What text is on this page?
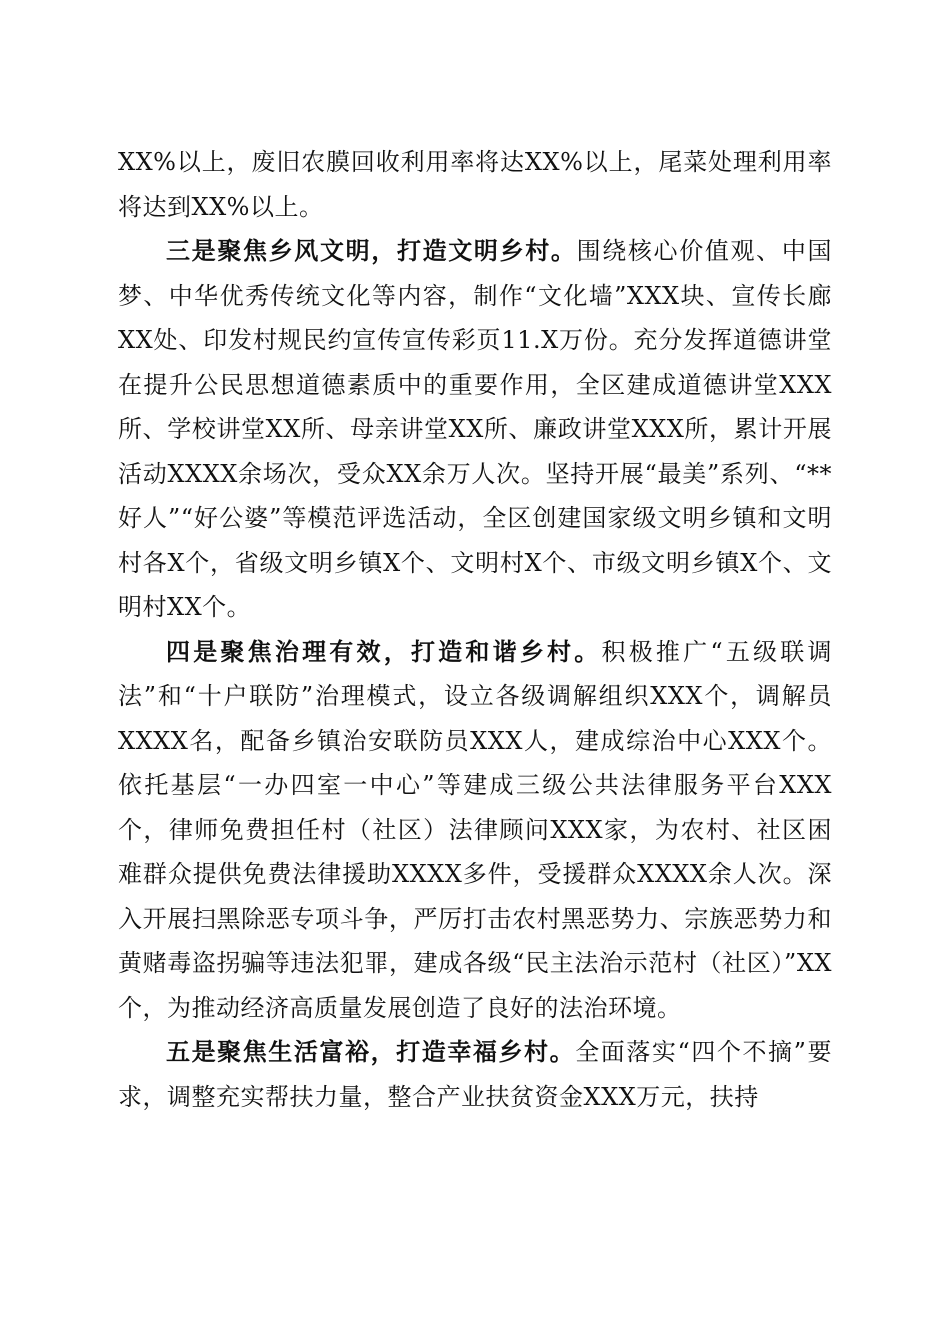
XX%以上，废旧农膜回收利用率将达XX%以上，尾菜处理利用率将达到XX%以上。

三是聚焦乡风文明，打造文明乡村。围绕核心价值观、中国梦、中华优秀传统文化等内容，制作“文化墙”XXX块、宣传长廊XX处、印发村规民约宣传宣传彩页11.X万份。充分发挥道德讲堂在提升公民思想道德素质中的重要作用，全区建成道德讲堂XXX所、学校讲堂XX所、母亲讲堂XX所、廉政讲堂XXX所，累计开展活动XXXX余场次，受众XX余万人次。坚持开展“最美”系列、“**好人”“好公婆”等模范评选活动，全区创建国家级文明乡镇和文明村各X个，省级文明乡镇X个、文明村X个、市级文明乡镇X个、文明村XX个。

四是聚焦治理有效，打造和谐乡村。积极推广“五级联调法”和“十户联防”治理模式，设立各级调解组织XXX个，调解员XXXX名，配备乡镇治安联防员XXX人，建成综治中心XXX个。依托基层“一办四室一中心”等建成三级公共法律服务平台XXX个，律师免费担任村（社区）法律顾问XXX家，为农村、社区困难群众提供免费法律援助XXXX多件，受援群众XXXX余人次。深入开展扫黑除恶专项斗争，严厉打击农村黑恶势力、宗族恶势力和黄赌毒盗拐骗等违法犯罪，建成各级“民主法治示范村（社区）”XX个，为推动经济高质量发展创造了良好的法治环境。

五是聚焦生活富裕，打造幸福乡村。全面落实“四个不摘”要求，调整充实帮扶力量，整合产业扶贫资金XXX万元，扶持
